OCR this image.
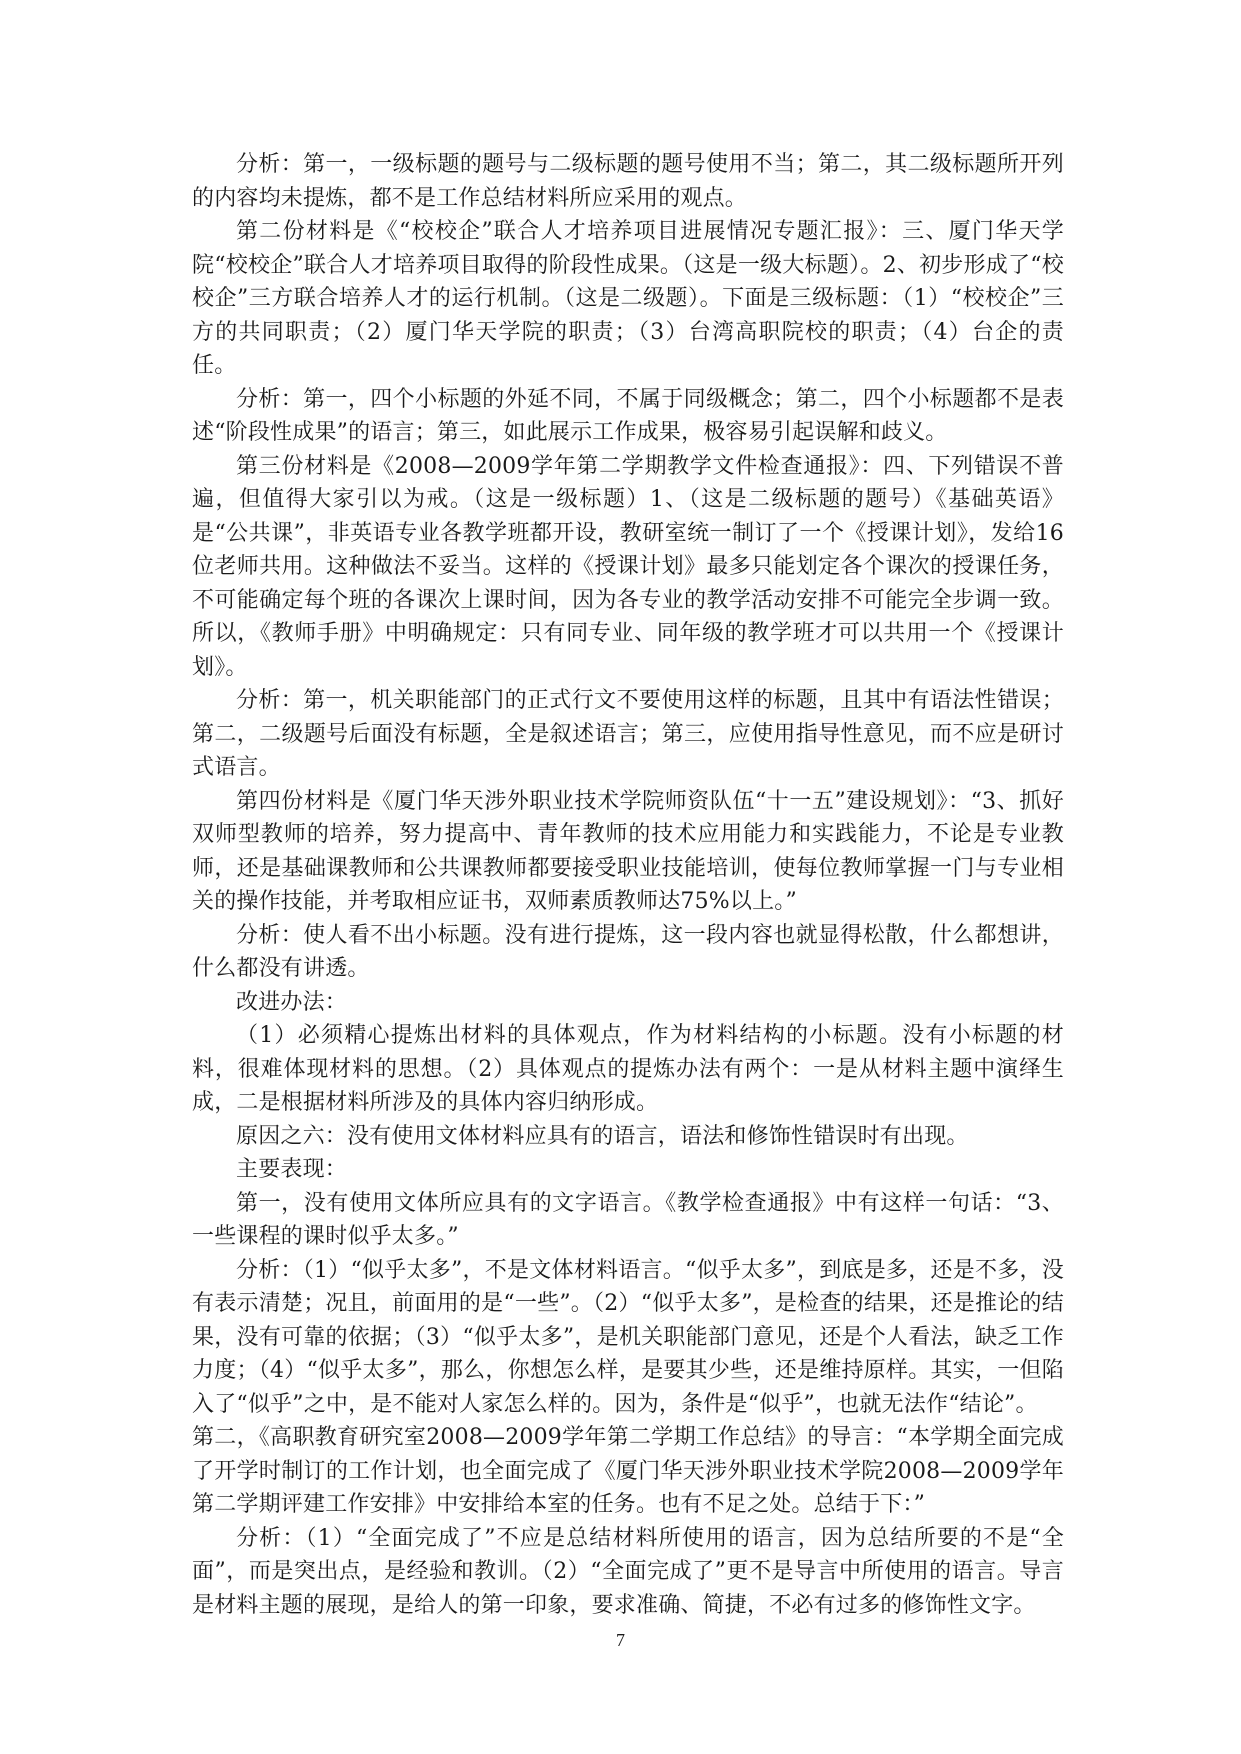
分析：第一，一级标题的题号与二级标题的题号使用不当；第二，其二级标题所开列的内容均未提炼，都不是工作总结材料所应采用的观点。

第二份材料是《“校校企”联合人才培养项目进展情况专题汇报》：三、厦门华天学院“校校企”联合人才培养项目取得的阶段性成果。（这是一级大标题）。2、初步形成了“校校企”三方联合培养人才的运行机制。（这是二级题）。下面是三级标题：（1）“校校企”三方的共同职责；（2）厦门华天学院的职责；（3）台湾高职院校的职责；（4）台企的责任。

分析：第一，四个小标题的外延不同，不属于同级概念；第二，四个小标题都不是表述“阶段性成果”的语言；第三，如此展示工作成果，极容易引起误解和歧义。

第三份材料是《2008—2009学年第二学期教学文件检查通报》：四、下列错误不普遍，但值得大家引以为戒。（这是一级标题）1、（这是二级标题的题号）《基础英语》是“公共课”，非英语专业各教学班都开设，教研室统一制订了一个《授课计划》，发给16位老师共用。这种做法不妥当。这样的《授课计划》最多只能划定各个课次的授课任务，不可能确定每个班的各课次上课时间，因为各专业的教学活动安排不可能完全步调一致。所以，《教师手册》中明确规定：只有同专业、同年级的教学班才可以共用一个《授课计划》。

分析：第一，机关职能部门的正式行文不要使用这样的标题，且其中有语法性错误；第二，二级题号后面没有标题，全是叙述语言；第三，应使用指导性意见，而不应是研讨式语言。

第四份材料是《厦门华天涉外职业技术学院师资队伍“十一五”建设规划》：“3、抓好双师型教师的培养，努力提高中、青年教师的技术应用能力和实践能力，不论是专业教师，还是基础课教师和公共课教师都要接受职业技能培训，使每位教师掌握一门与专业相关的操作技能，并考取相应证书，双师素质教师达75%以上。”

分析：使人看不出小标题。没有进行提炼，这一段内容也就显得松散，什么都想讲，什么都没有讲透。

改进办法：

（1）必须精心提炼出材料的具体观点，作为材料结构的小标题。没有小标题的材料，很难体现材料的思想。（2）具体观点的提炼办法有两个：一是从材料主题中演绎生成，二是根据材料所涉及的具体内容归纳形成。

原因之六：没有使用文体材料应具有的语言，语法和修饰性错误时有出现。

主要表现：

第一，没有使用文体所应具有的文字语言。《教学检查通报》中有这样一句话：“3、一些课程的课时似乎太多。”

分析：（1）“似乎太多”，不是文体材料语言。“似乎太多”，到底是多，还是不多，没有表示清楚；况且，前面用的是“一些”。（2）“似乎太多”，是检查的结果，还是推论的结果，没有可靠的依据；（3）“似乎太多”，是机关职能部门意见，还是个人看法，缺乏工作力度；（4）“似乎太多”，那么，你想怎么样，是要其少些，还是维持原样。其实，一但陷入了“似乎”之中，是不能对人家怎么样的。因为，条件是“似乎”，也就无法作“结论”。

第二，《高职教育研究室2008—2009学年第二学期工作总结》的导言：“本学期全面完成了开学时制订的工作计划，也全面完成了《厦门华天涉外职业技术学院2008—2009学年第二学期评建工作安排》中安排给本室的任务。也有不足之处。总结于下：”

分析：（1）“全面完成了”不应是总结材料所使用的语言，因为总结所要的不是“全面”，而是突出点，是经验和教训。（2）“全面完成了”更不是导言中所使用的语言。导言是材料主题的展现，是给人的第一印象，要求准确、简捷，不必有过多的修饰性文字。

7
